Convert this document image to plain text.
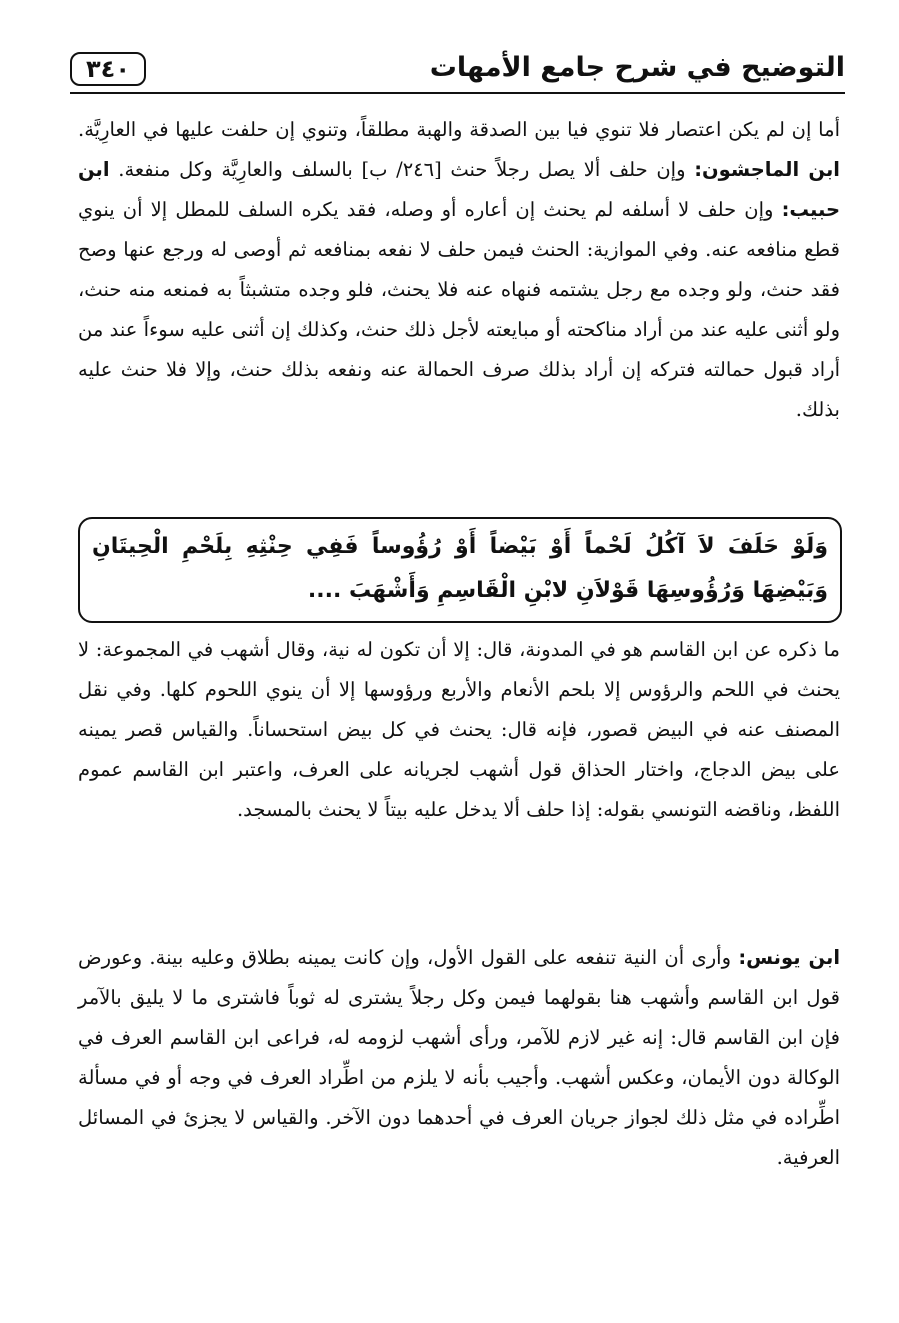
التوضيح في شرح جامع الأمهات
٣٤٠
أما إن لم يكن اعتصار فلا تنوي فيا بين الصدقة والهبة مطلقاً، وتنوي إن حلفت عليها في العارِيَّة. ابن الماجشون: وإن حلف ألا يصل رجلاً حنث [٢٤٦/ ب] بالسلف والعارِيَّة وكل منفعة. ابن حبيب: وإن حلف لا أسلفه لم يحنث إن أعاره أو وصله، فقد يكره السلف للمطل إلا أن ينوي قطع منافعه عنه. وفي الموازية: الحنث فيمن حلف لا نفعه بمنافعه ثم أوصى له ورجع عنها وصح فقد حنث، ولو وجده مع رجل يشتمه فنهاه عنه فلا يحنث، فلو وجده متشبثاً به فمنعه منه حنث، ولو أثنى عليه عند من أراد مناكحته أو مبايعته لأجل ذلك حنث، وكذلك إن أثنى عليه سوءاً عند من أراد قبول حمالته فتركه إن أراد بذلك صرف الحمالة عنه ونفعه بذلك حنث، وإلا فلا حنث عليه بذلك.
وَلَوْ حَلَفَ لاَ آكُلُ لَحْماً أَوْ بَيْضاً أَوْ رُؤُوساً فَفِي حِنْثِهِ بِلَحْمِ الْحِيتَانِ وَبَيْضِهَا وَرُؤُوسِهَا قَوْلاَنِ لابْنِ الْقَاسِمِ وَأَشْهَبَ ....
ما ذكره عن ابن القاسم هو في المدونة، قال: إلا أن تكون له نية، وقال أشهب في المجموعة: لا يحنث في اللحم والرؤوس إلا بلحم الأنعام والأربع ورؤوسها إلا أن ينوي اللحوم كلها. وفي نقل المصنف عنه في البيض قصور، فإنه قال: يحنث في كل بيض استحساناً. والقياس قصر يمينه على بيض الدجاج، واختار الحذاق قول أشهب لجريانه على العرف، واعتبر ابن القاسم عموم اللفظ، وناقضه التونسي بقوله: إذا حلف ألا يدخل عليه بيتاً لا يحنث بالمسجد.
ابن يونس: وأرى أن النية تنفعه على القول الأول، وإن كانت يمينه بطلاق وعليه بينة. وعورض قول ابن القاسم وأشهب هنا بقولهما فيمن وكل رجلاً يشترى له ثوباً فاشترى ما لا يليق بالآمر فإن ابن القاسم قال: إنه غير لازم للآمر، ورأى أشهب لزومه له، فراعى ابن القاسم العرف في الوكالة دون الأيمان، وعكس أشهب. وأجيب بأنه لا يلزم من اطِّراد العرف في وجه أو في مسألة اطِّراده في مثل ذلك لجواز جريان العرف في أحدهما دون الآخر. والقياس لا يجزئ في المسائل العرفية.
